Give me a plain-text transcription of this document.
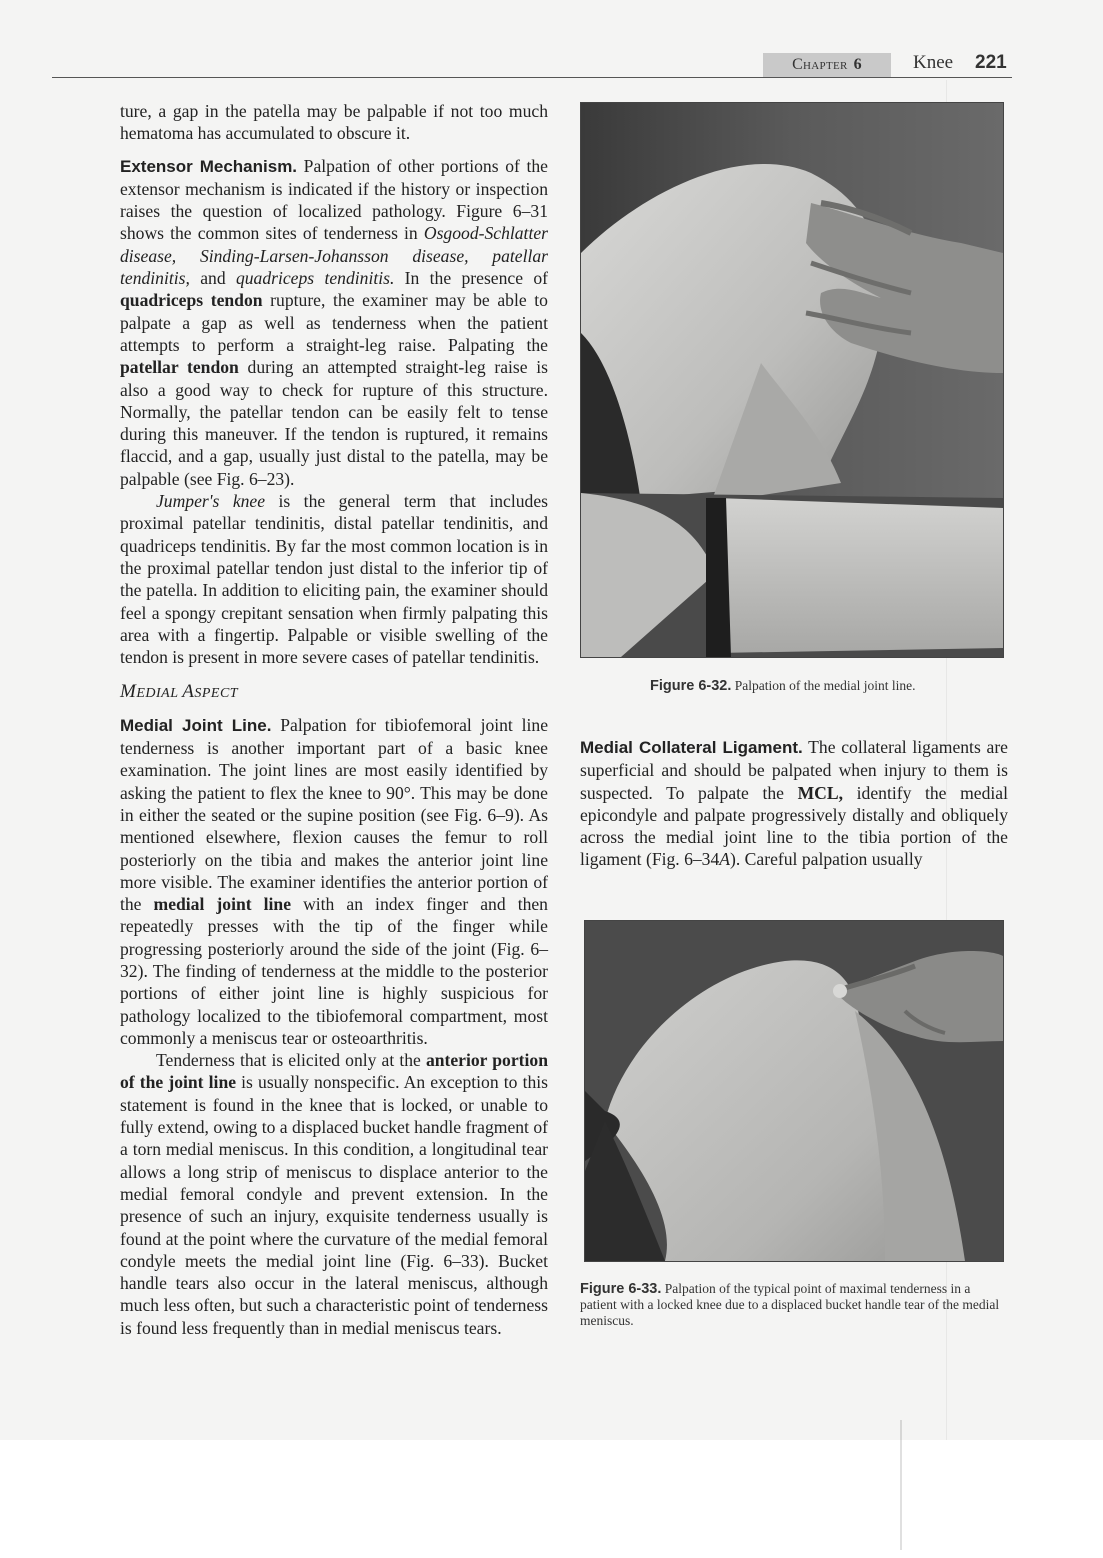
Chapter 6	Knee 221

ture, a gap in the patella may be palpable if not too much hematoma has accumulated to obscure it.

Extensor Mechanism. Palpation of other portions of the extensor mechanism is indicated if the history or inspection raises the question of localized pathology. Figure 6–31 shows the common sites of tenderness in Osgood-Schlatter disease, Sinding-Larsen-Johansson disease, patellar tendinitis, and quadriceps tendinitis. In the presence of quadriceps tendon rupture, the examiner may be able to palpate a gap as well as tenderness when the patient attempts to perform a straight-leg raise. Palpating the patellar tendon during an attempted straight-leg raise is also a good way to check for rupture of this structure. Normally, the patellar tendon can be easily felt to tense during this maneuver. If the tendon is ruptured, it remains flaccid, and a gap, usually just distal to the patella, may be palpable (see Fig. 6–23).

Jumper's knee is the general term that includes proximal patellar tendinitis, distal patellar tendinitis, and quadriceps tendinitis. By far the most common location is in the proximal patellar tendon just distal to the inferior tip of the patella. In addition to eliciting pain, the examiner should feel a spongy crepitant sensation when firmly palpating this area with a fingertip. Palpable or visible swelling of the tendon is present in more severe cases of patellar tendinitis.

MEDIAL ASPECT

Medial Joint Line. Palpation for tibiofemoral joint line tenderness is another important part of a basic knee examination. The joint lines are most easily identified by asking the patient to flex the knee to 90°. This may be done in either the seated or the supine position (see Fig. 6–9). As mentioned elsewhere, flexion causes the femur to roll posteriorly on the tibia and makes the anterior joint line more visible. The examiner identifies the anterior portion of the medial joint line with an index finger and then repeatedly presses with the tip of the finger while progressing posteriorly around the side of the joint (Fig. 6–32). The finding of tenderness at the middle to the posterior portions of either joint line is highly suspicious for pathology localized to the tibiofemoral compartment, most commonly a meniscus tear or osteoarthritis.

Tenderness that is elicited only at the anterior portion of the joint line is usually nonspecific. An exception to this statement is found in the knee that is locked, or unable to fully extend, owing to a displaced bucket handle fragment of a torn medial meniscus. In this condition, a longitudinal tear allows a long strip of meniscus to displace anterior to the medial femoral condyle and prevent extension. In the presence of such an injury, exquisite tenderness usually is found at the point where the curvature of the medial femoral condyle meets the medial joint line (Fig. 6–33). Bucket handle tears also occur in the lateral meniscus, although much less often, but such a characteristic point of tenderness is found less frequently than in medial meniscus tears.

Figure 6-32. Palpation of the medial joint line.

Medial Collateral Ligament. The collateral ligaments are superficial and should be palpated when injury to them is suspected. To palpate the MCL, identify the medial epicondyle and palpate progressively distally and obliquely across the medial joint line to the tibia portion of the ligament (Fig. 6–34A). Careful palpation usually

Figure 6-33. Palpation of the typical point of maximal tenderness in a patient with a locked knee due to a displaced bucket handle tear of the medial meniscus.
